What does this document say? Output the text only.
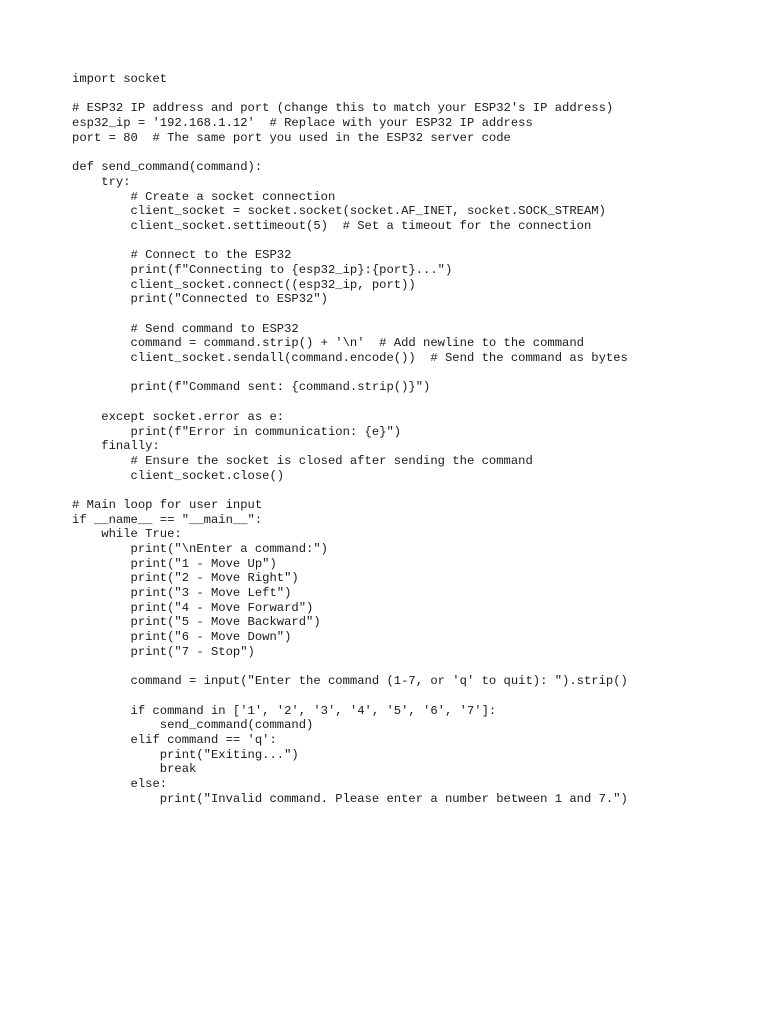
import socket
# ESP32 IP address and port (change this to match your ESP32's IP address)
esp32_ip = '192.168.1.12'  # Replace with your ESP32 IP address
port = 80  # The same port you used in the ESP32 server code
def send_command(command):
try:
# Create a socket connection
client_socket = socket.socket(socket.AF_INET, socket.SOCK_STREAM)
client_socket.settimeout(5)  # Set a timeout for the connection
# Connect to the ESP32
print(f"Connecting to {esp32_ip}:{port}...")
client_socket.connect((esp32_ip, port))
print("Connected to ESP32")
# Send command to ESP32
command = command.strip() + '\n'  # Add newline to the command
client_socket.sendall(command.encode())  # Send the command as bytes
print(f"Command sent: {command.strip()}")
except socket.error as e:
print(f"Error in communication: {e}")
finally:
# Ensure the socket is closed after sending the command
client_socket.close()
# Main loop for user input
if __name__ == "__main__":
while True:
print("\nEnter a command:")
print("1 - Move Up")
print("2 - Move Right")
print("3 - Move Left")
print("4 - Move Forward")
print("5 - Move Backward")
print("6 - Move Down")
print("7 - Stop")
command = input("Enter the command (1-7, or 'q' to quit): ").strip()
if command in ['1', '2', '3', '4', '5', '6', '7']:
send_command(command)
elif command == 'q':
print("Exiting...")
break
else:
print("Invalid command. Please enter a number between 1 and 7.")
